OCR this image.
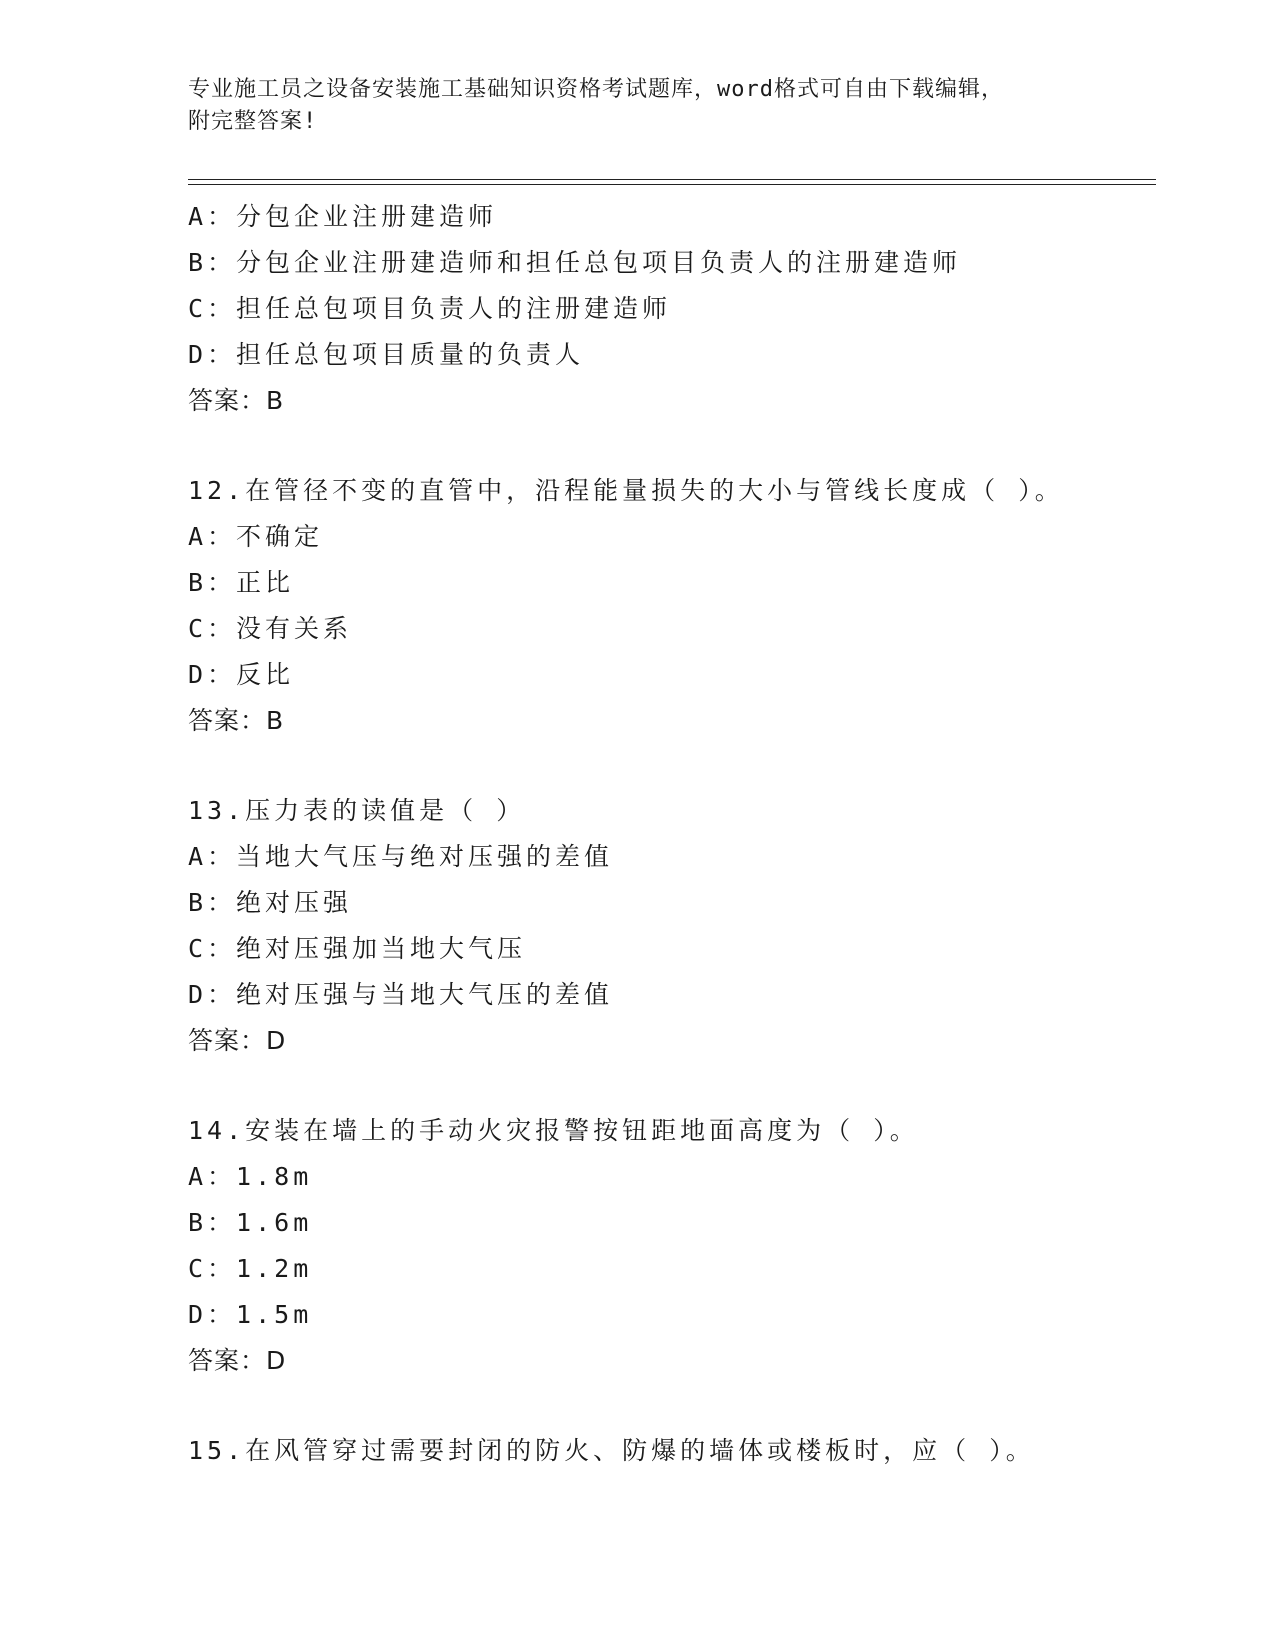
专业施工员之设备安装施工基础知识资格考试题库，word格式可自由下载编辑，
附完整答案!
A：分包企业注册建造师
B：分包企业注册建造师和担任总包项目负责人的注册建造师
C：担任总包项目负责人的注册建造师
D：担任总包项目质量的负责人
答案：B
12.在管径不变的直管中，沿程能量损失的大小与管线长度成（ ）。
A：不确定
B：正比
C：没有关系
D：反比
答案：B
13.压力表的读值是（ ）
A：当地大气压与绝对压强的差值
B：绝对压强
C：绝对压强加当地大气压
D：绝对压强与当地大气压的差值
答案：D
14.安装在墙上的手动火灾报警按钮距地面高度为（ ）。
A：1.8m
B：1.6m
C：1.2m
D：1.5m
答案：D
15.在风管穿过需要封闭的防火、防爆的墙体或楼板时，应（ ）。
